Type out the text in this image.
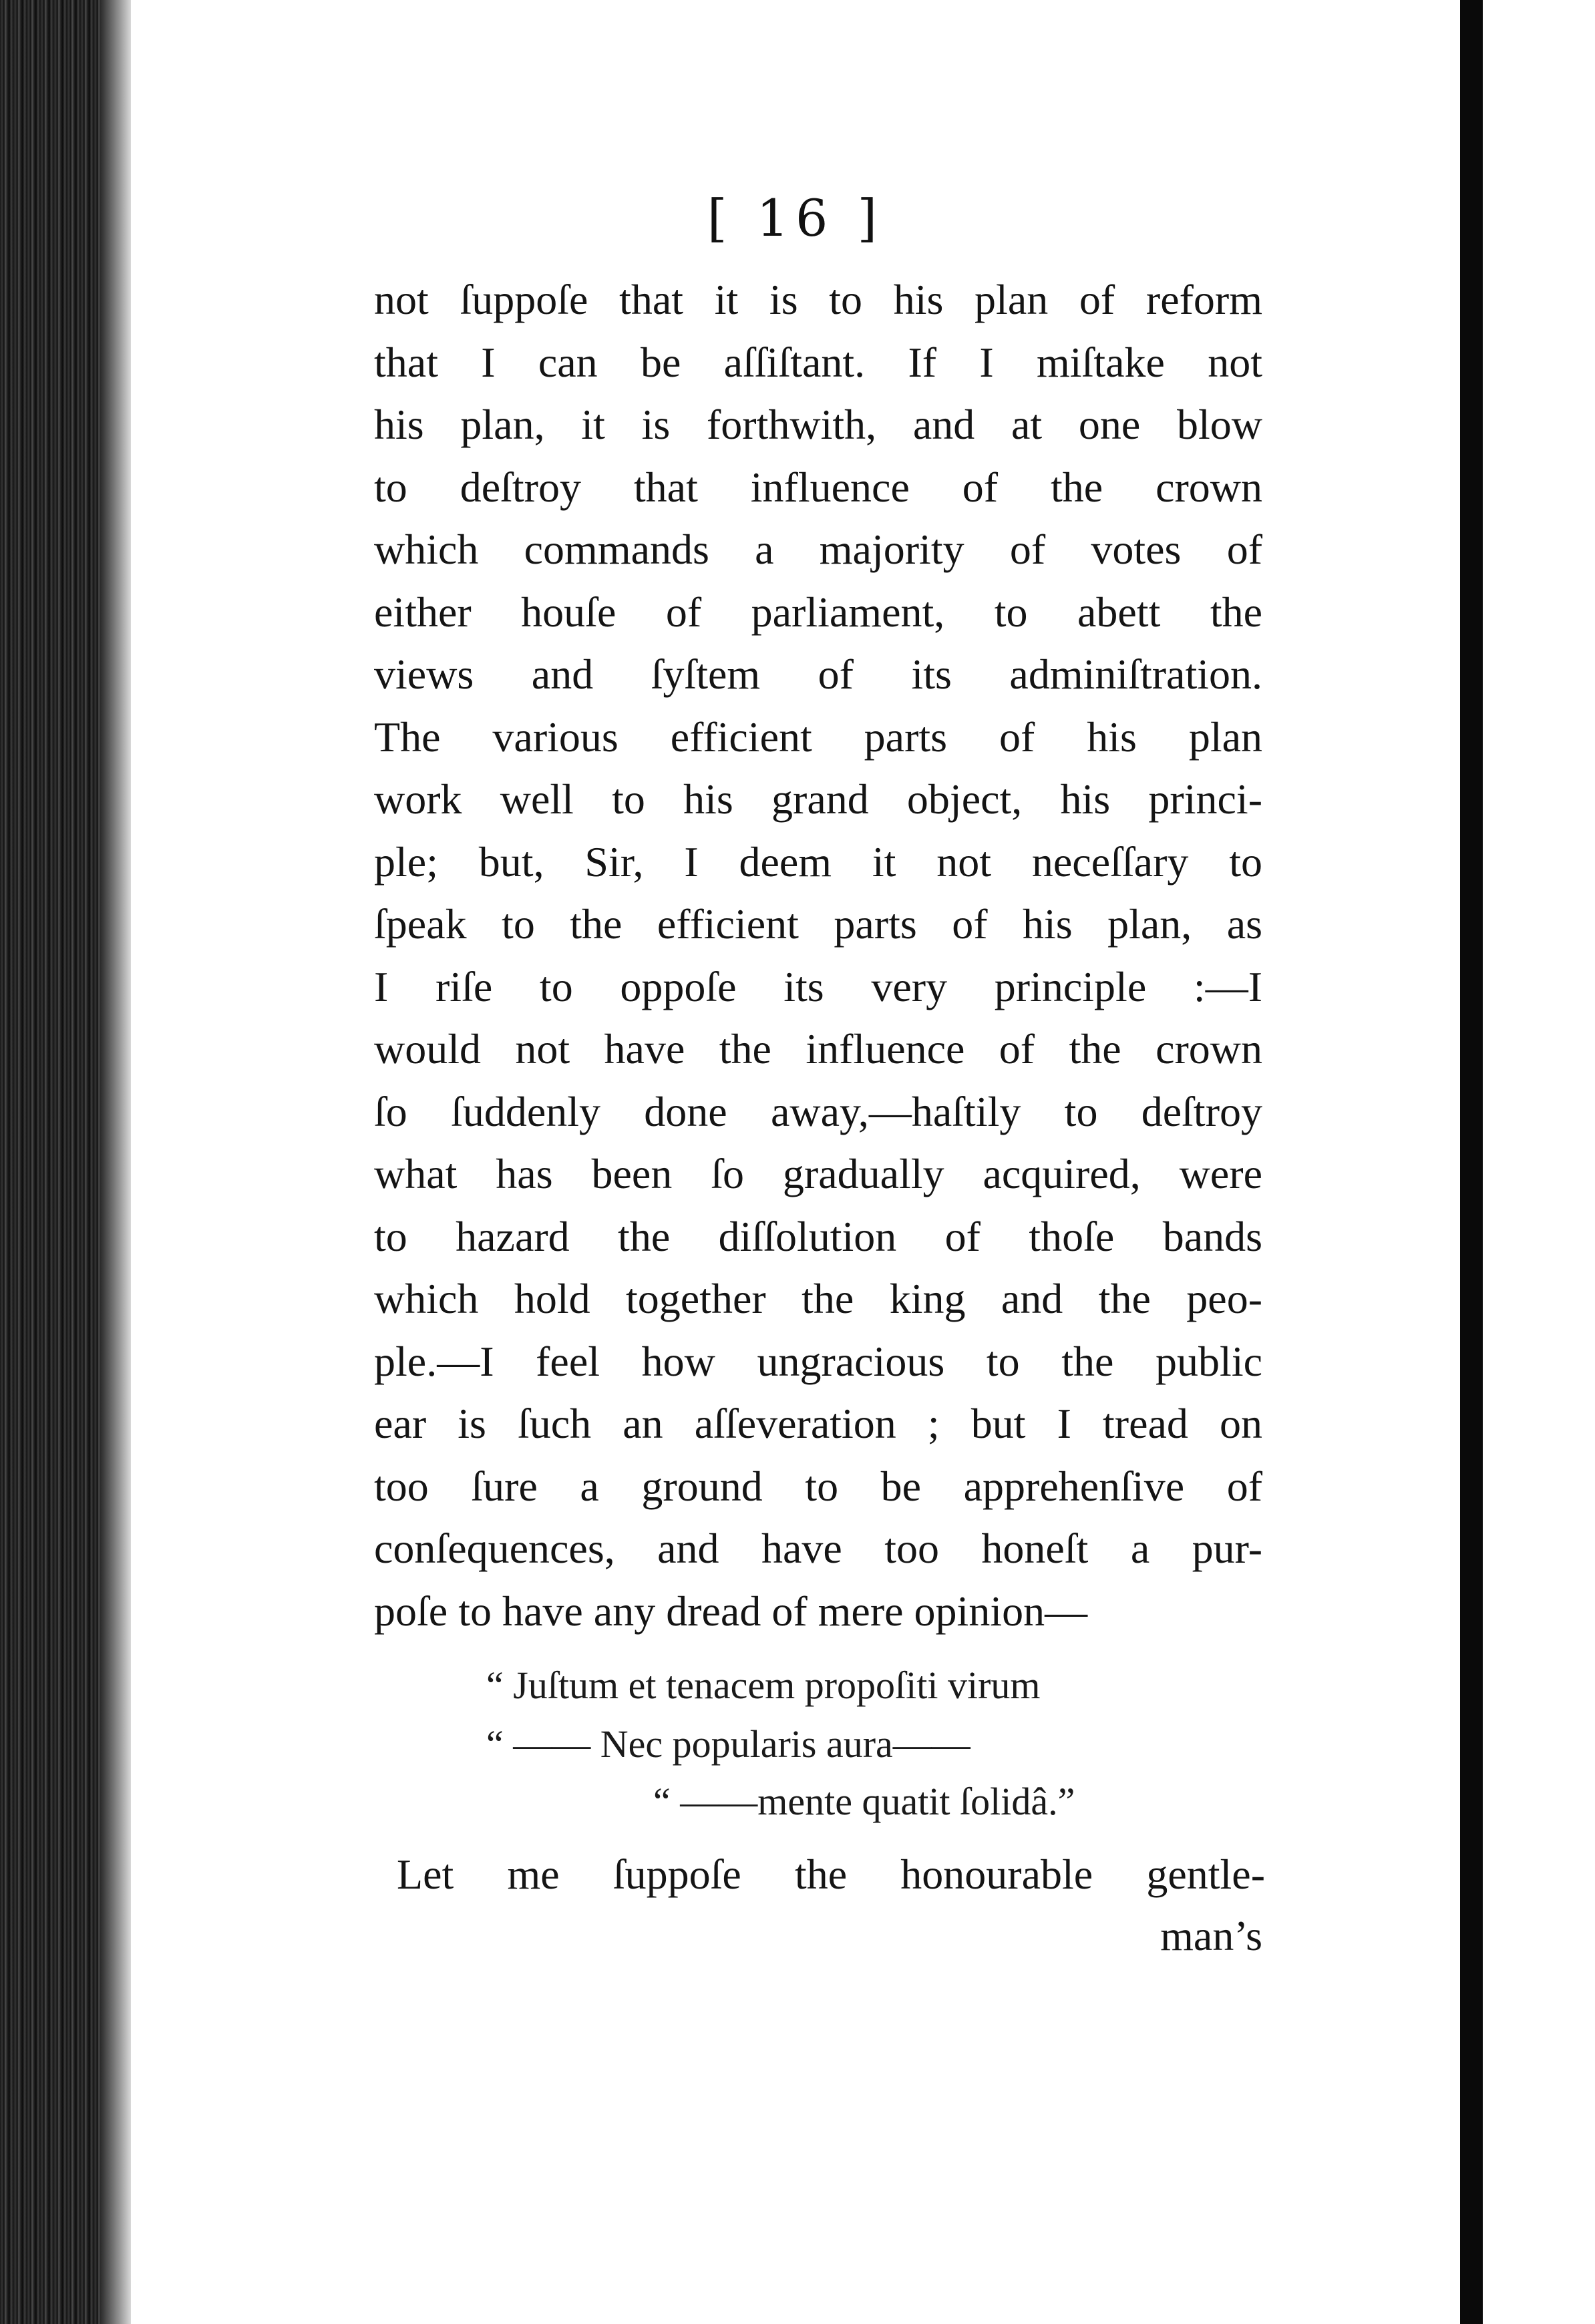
[ 16 ]
not ſuppoſe that it is to his plan of reform
that I can be aſſiſtant. If I miſtake not
his plan, it is forthwith, and at one blow
to deſtroy that influence of the crown
which commands a majority of votes of
either houſe of parliament, to abett the
views and ſyſtem of its adminiſtration.
The various efficient parts of his plan
work well to his grand object, his princi-
ple; but, Sir, I deem it not neceſſary to
ſpeak to the efficient parts of his plan, as
I riſe to oppoſe its very principle :—I
would not have the influence of the crown
ſo ſuddenly done away,—haſtily to deſtroy
what has been ſo gradually acquired, were
to hazard the diſſolution of thoſe bands
which hold together the king and the peo-
ple.—I feel how ungracious to the public
ear is ſuch an aſſeveration ; but I tread on
too ſure a ground to be apprehenſive of
conſequences, and have too honeſt a pur-
poſe to have any dread of mere opinion—
“ Juſtum et tenacem propoſiti virum
“ —— Nec popularis aura——
“ ——mente quatit ſolidâ.”
Let me ſuppoſe the honourable gentle-
man’s
